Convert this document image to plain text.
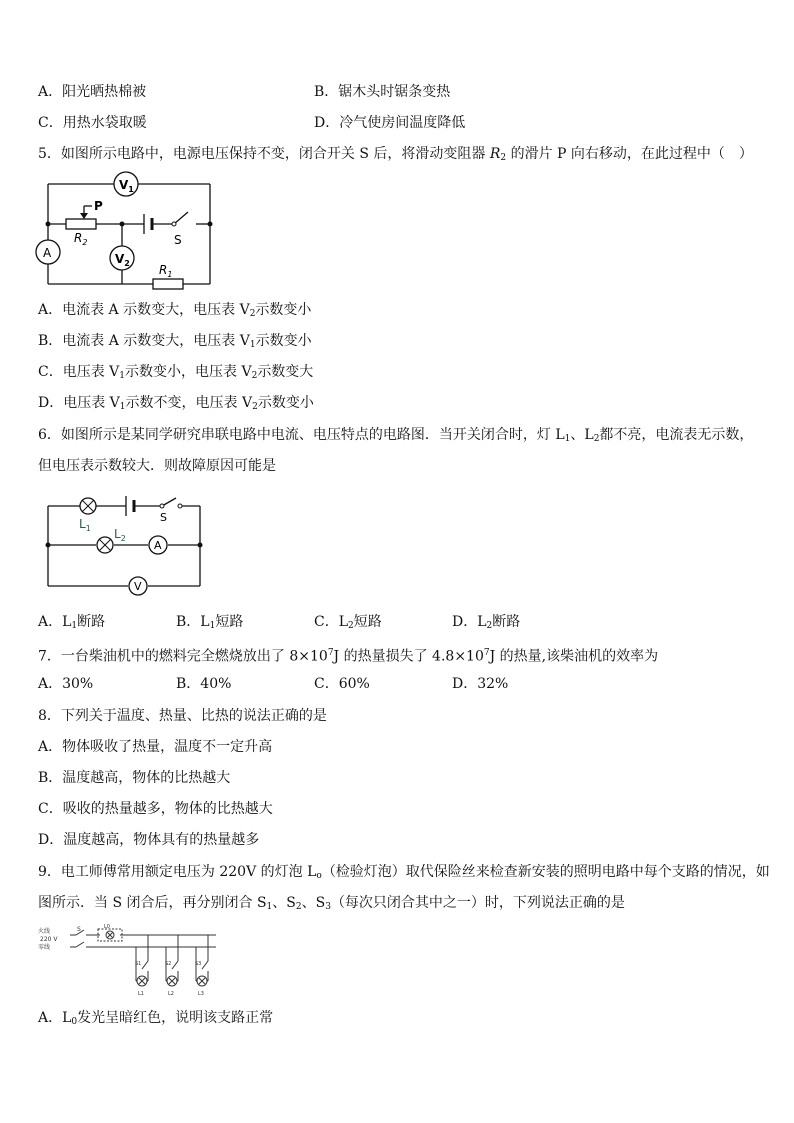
A．阳光晒热棉被	B．锯木头时锯条变热
C．用热水袋取暖	D．冷气使房间温度降低
5．如图所示电路中，电源电压保持不变，闭合开关 S 后，将滑动变阻器 $R_2$ 的滑片 P 向右移动，在此过程中（　）
$V_1$
A	$V_2$
P
$R_2$
$R_1$
S
A．电流表 A 示数变大，电压表 $V_2$示数变小
B．电流表 A 示数变大，电压表 $V_1$示数变小
C．电压表 $V_1$示数变小，电压表 $V_2$示数变大
D．电压表 $V_1$示数不变，电压表 $V_2$示数变小
6．如图所示是某同学研究串联电路中电流、电压特点的电路图．当开关闭合时，灯 $L_1$、$L_2$都不亮，电流表无示数，
但电压表示数较大．则故障原因可能是
$L_1$ $L_2$
S
A
V
A．$L_1$断路	B．$L_1$短路	C．$L_2$短路	D．$L_2$断路
7．一台柴油机中的燃料完全燃烧放出了 $8\times 10^7J$ 的热量损失了 $4.8\times 10^7J$ 的热量,该柴油机的效率为
A．30%	B．40%	C．60%	D．32%
8．下列关于温度、热量、比热的说法正确的是
A．物体吸收了热量，温度不一定升高
B．温度越高，物体的比热越大
C．吸收的热量越多，物体的比热越大
D．温度越高，物体具有的热量越多
9．电工师傅常用额定电压为 220V 的灯泡 $L_o$（检验灯泡）取代保险丝来检查新安装的照明电路中每个支路的情况，如
图所示．当 S 闭合后，再分别闭合 $S_1$、$S_2$、$S_3$（每次只闭合其中之一）时，下列说法正确的是
火线
220 V
零线
S	L0
S1	S2	S3
L1	L2	L3
A．$L_0$发光呈暗红色，说明该支路正常
